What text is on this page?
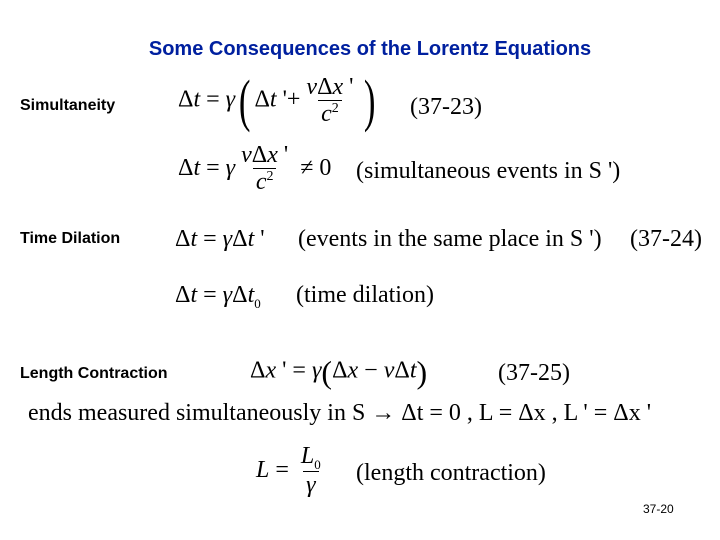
Some Consequences of the Lorentz Equations
Simultaneity
Time Dilation
Length Contraction
Δt = γ( Δt '+ $\frac{\text{vΔx '}}{c^2}$ ) (37-23)
Δt = γ $\frac{\text{vΔx '}}{c^2} \ne 0$ (simultaneous events in S ')
Δt = γΔt ' (events in the same place in S ') (37-24)
Δt = γΔt$_0$ (time dilation)
Δx ' = γ(Δx − vΔt)	(37-25)
ends measured simultaneously in S → Δt = 0 , L = Δx , L ' = Δx '
$L = \frac{L_0}{\gamma}$ (length contraction)
37-20
